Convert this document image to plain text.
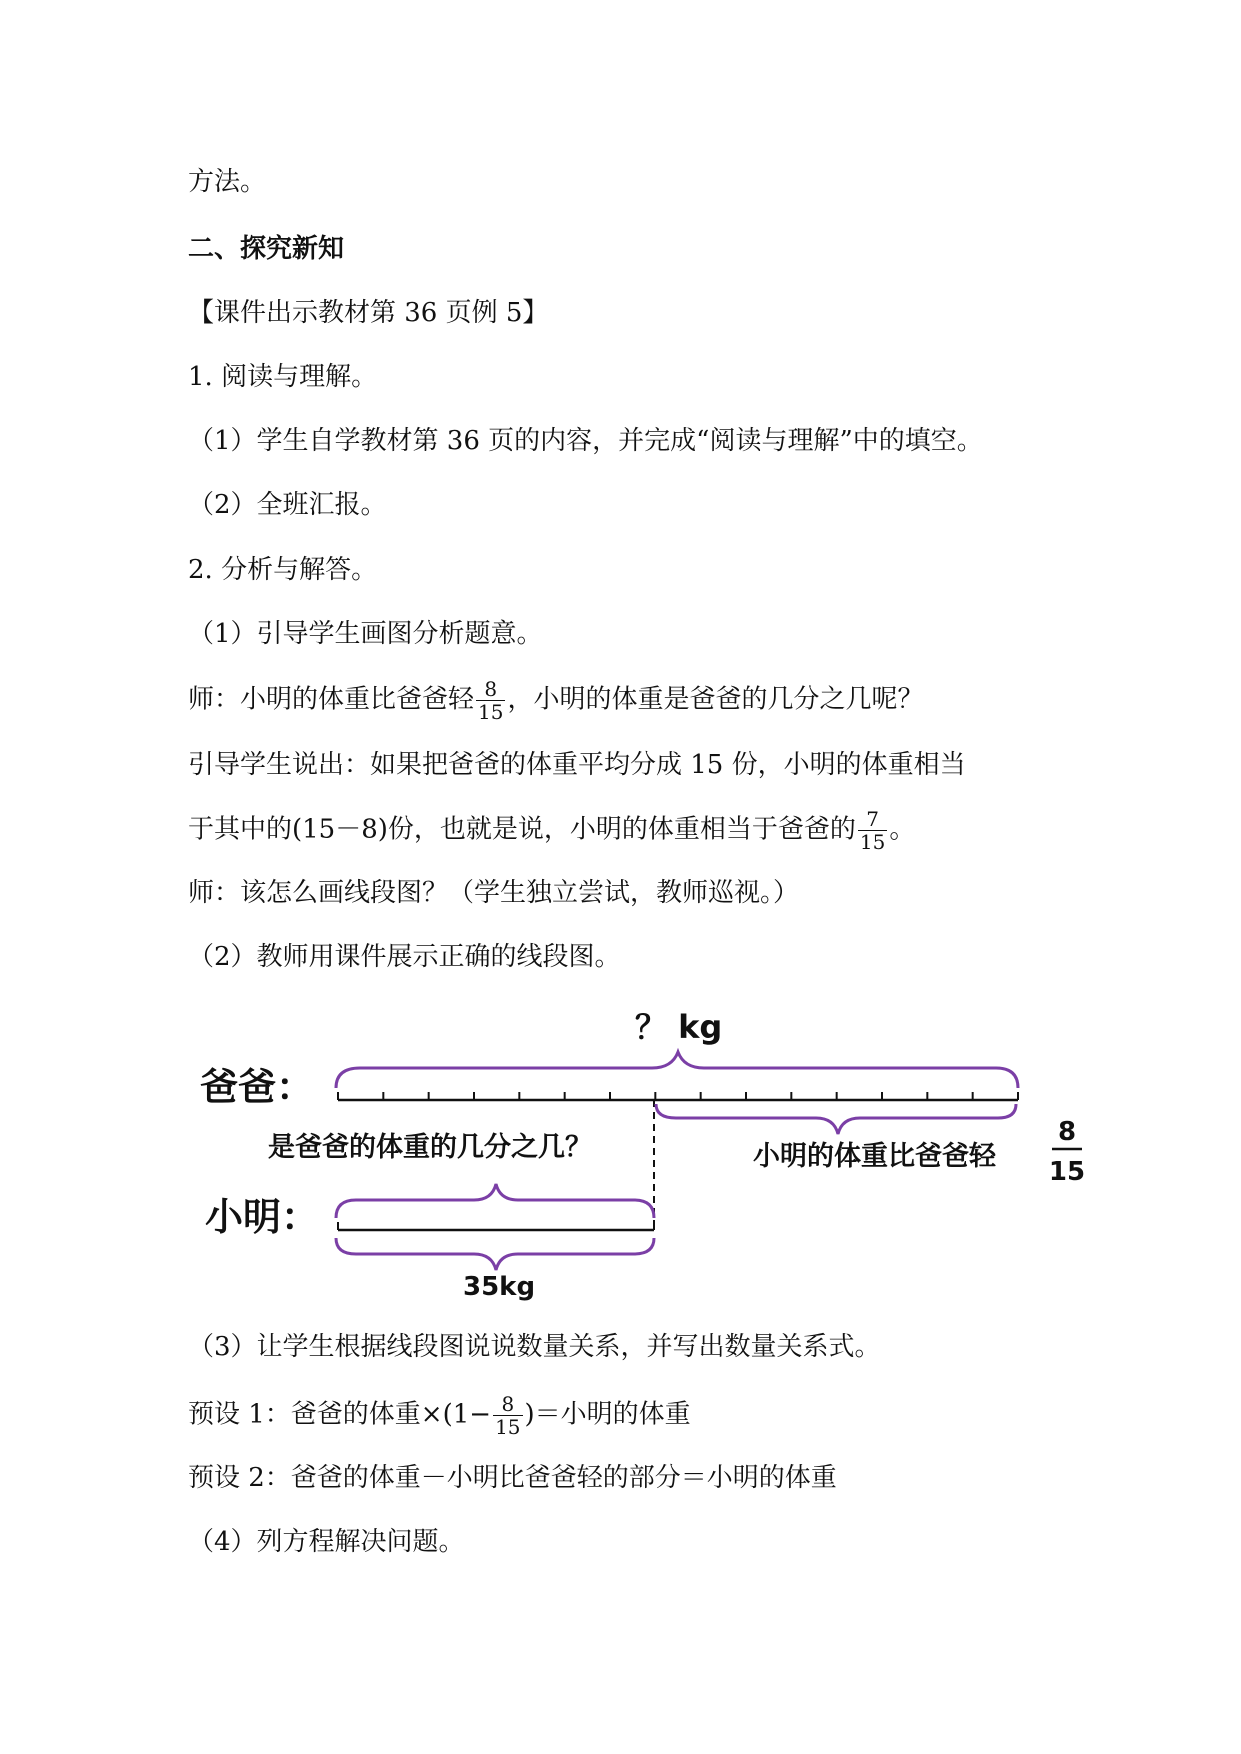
方法。
二、探究新知
【课件出示教材第 36 页例 5】
1. 阅读与理解。
（1）学生自学教材第 36 页的内容，并完成“阅读与理解”中的填空。
（2）全班汇报。
2. 分析与解答。
（1）引导学生画图分析题意。
师：小明的体重比爸爸轻 $\frac{8}{15}$ ，小明的体重是爸爸的几分之几呢？
引导学生说出：如果把爸爸的体重平均分成 15 份，小明的体重相当
于其中的(15－8)份，也就是说，小明的体重相当于爸爸的 $\frac{7}{15}$ 。
师：该怎么画线段图？（学生独立尝试，教师巡视。）
（2）教师用课件展示正确的线段图。
爸爸：
小明：
？ kg
是爸爸的体重的几分之几？	小明的体重比爸爸轻
8
15
35kg
（3）让学生根据线段图说说数量关系，并写出数量关系式。
预设 1：爸爸的体重$\times(1- \frac{8}{15}$ )＝小明的体重
预设 2：爸爸的体重－小明比爸爸轻的部分＝小明的体重
（4）列方程解决问题。
